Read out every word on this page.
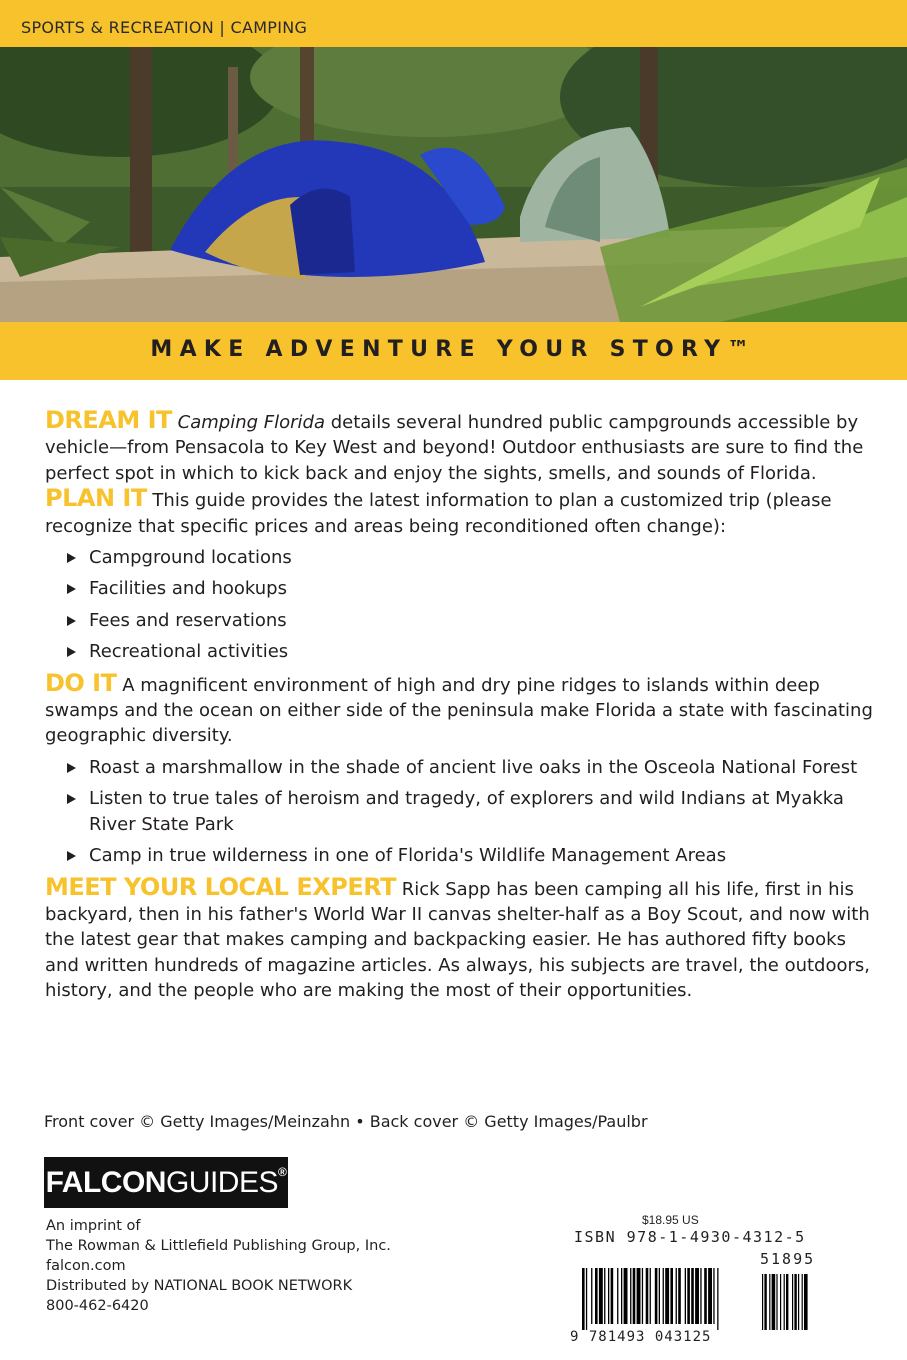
SPORTS & RECREATION | CAMPING
MAKE ADVENTURE YOUR STORY™

DREAM IT Camping Florida details several hundred public campgrounds accessible by vehicle—from Pensacola to Key West and beyond! Outdoor enthusiasts are sure to find the perfect spot in which to kick back and enjoy the sights, smells, and sounds of Florida.

PLAN IT This guide provides the latest information to plan a customized trip (please recognize that specific prices and areas being reconditioned often change):

Campground locations
Facilities and hookups
Fees and reservations
Recreational activities

DO IT A magnificent environment of high and dry pine ridges to islands within deep swamps and the ocean on either side of the peninsula make Florida a state with fascinating geographic diversity.

Roast a marshmallow in the shade of ancient live oaks in the Osceola National Forest
Listen to true tales of heroism and tragedy, of explorers and wild Indians at Myakka River State Park
Camp in true wilderness in one of Florida's Wildlife Management Areas

MEET YOUR LOCAL EXPERT Rick Sapp has been camping all his life, first in his backyard, then in his father's World War II canvas shelter-half as a Boy Scout, and now with the latest gear that makes camping and backpacking easier. He has authored fifty books and written hundreds of magazine articles. As always, his subjects are travel, the outdoors, history, and the people who are making the most of their opportunities.

Front cover © Getty Images/Meinzahn • Back cover © Getty Images/Paulbr
FALCONGUIDES®
An imprint of
The Rowman & Littlefield Publishing Group, Inc.
falcon.com
Distributed by NATIONAL BOOK NETWORK
800-462-6420
$18.95 US
ISBN 978-1-4930-4312-5
51895
9 781493 043125
